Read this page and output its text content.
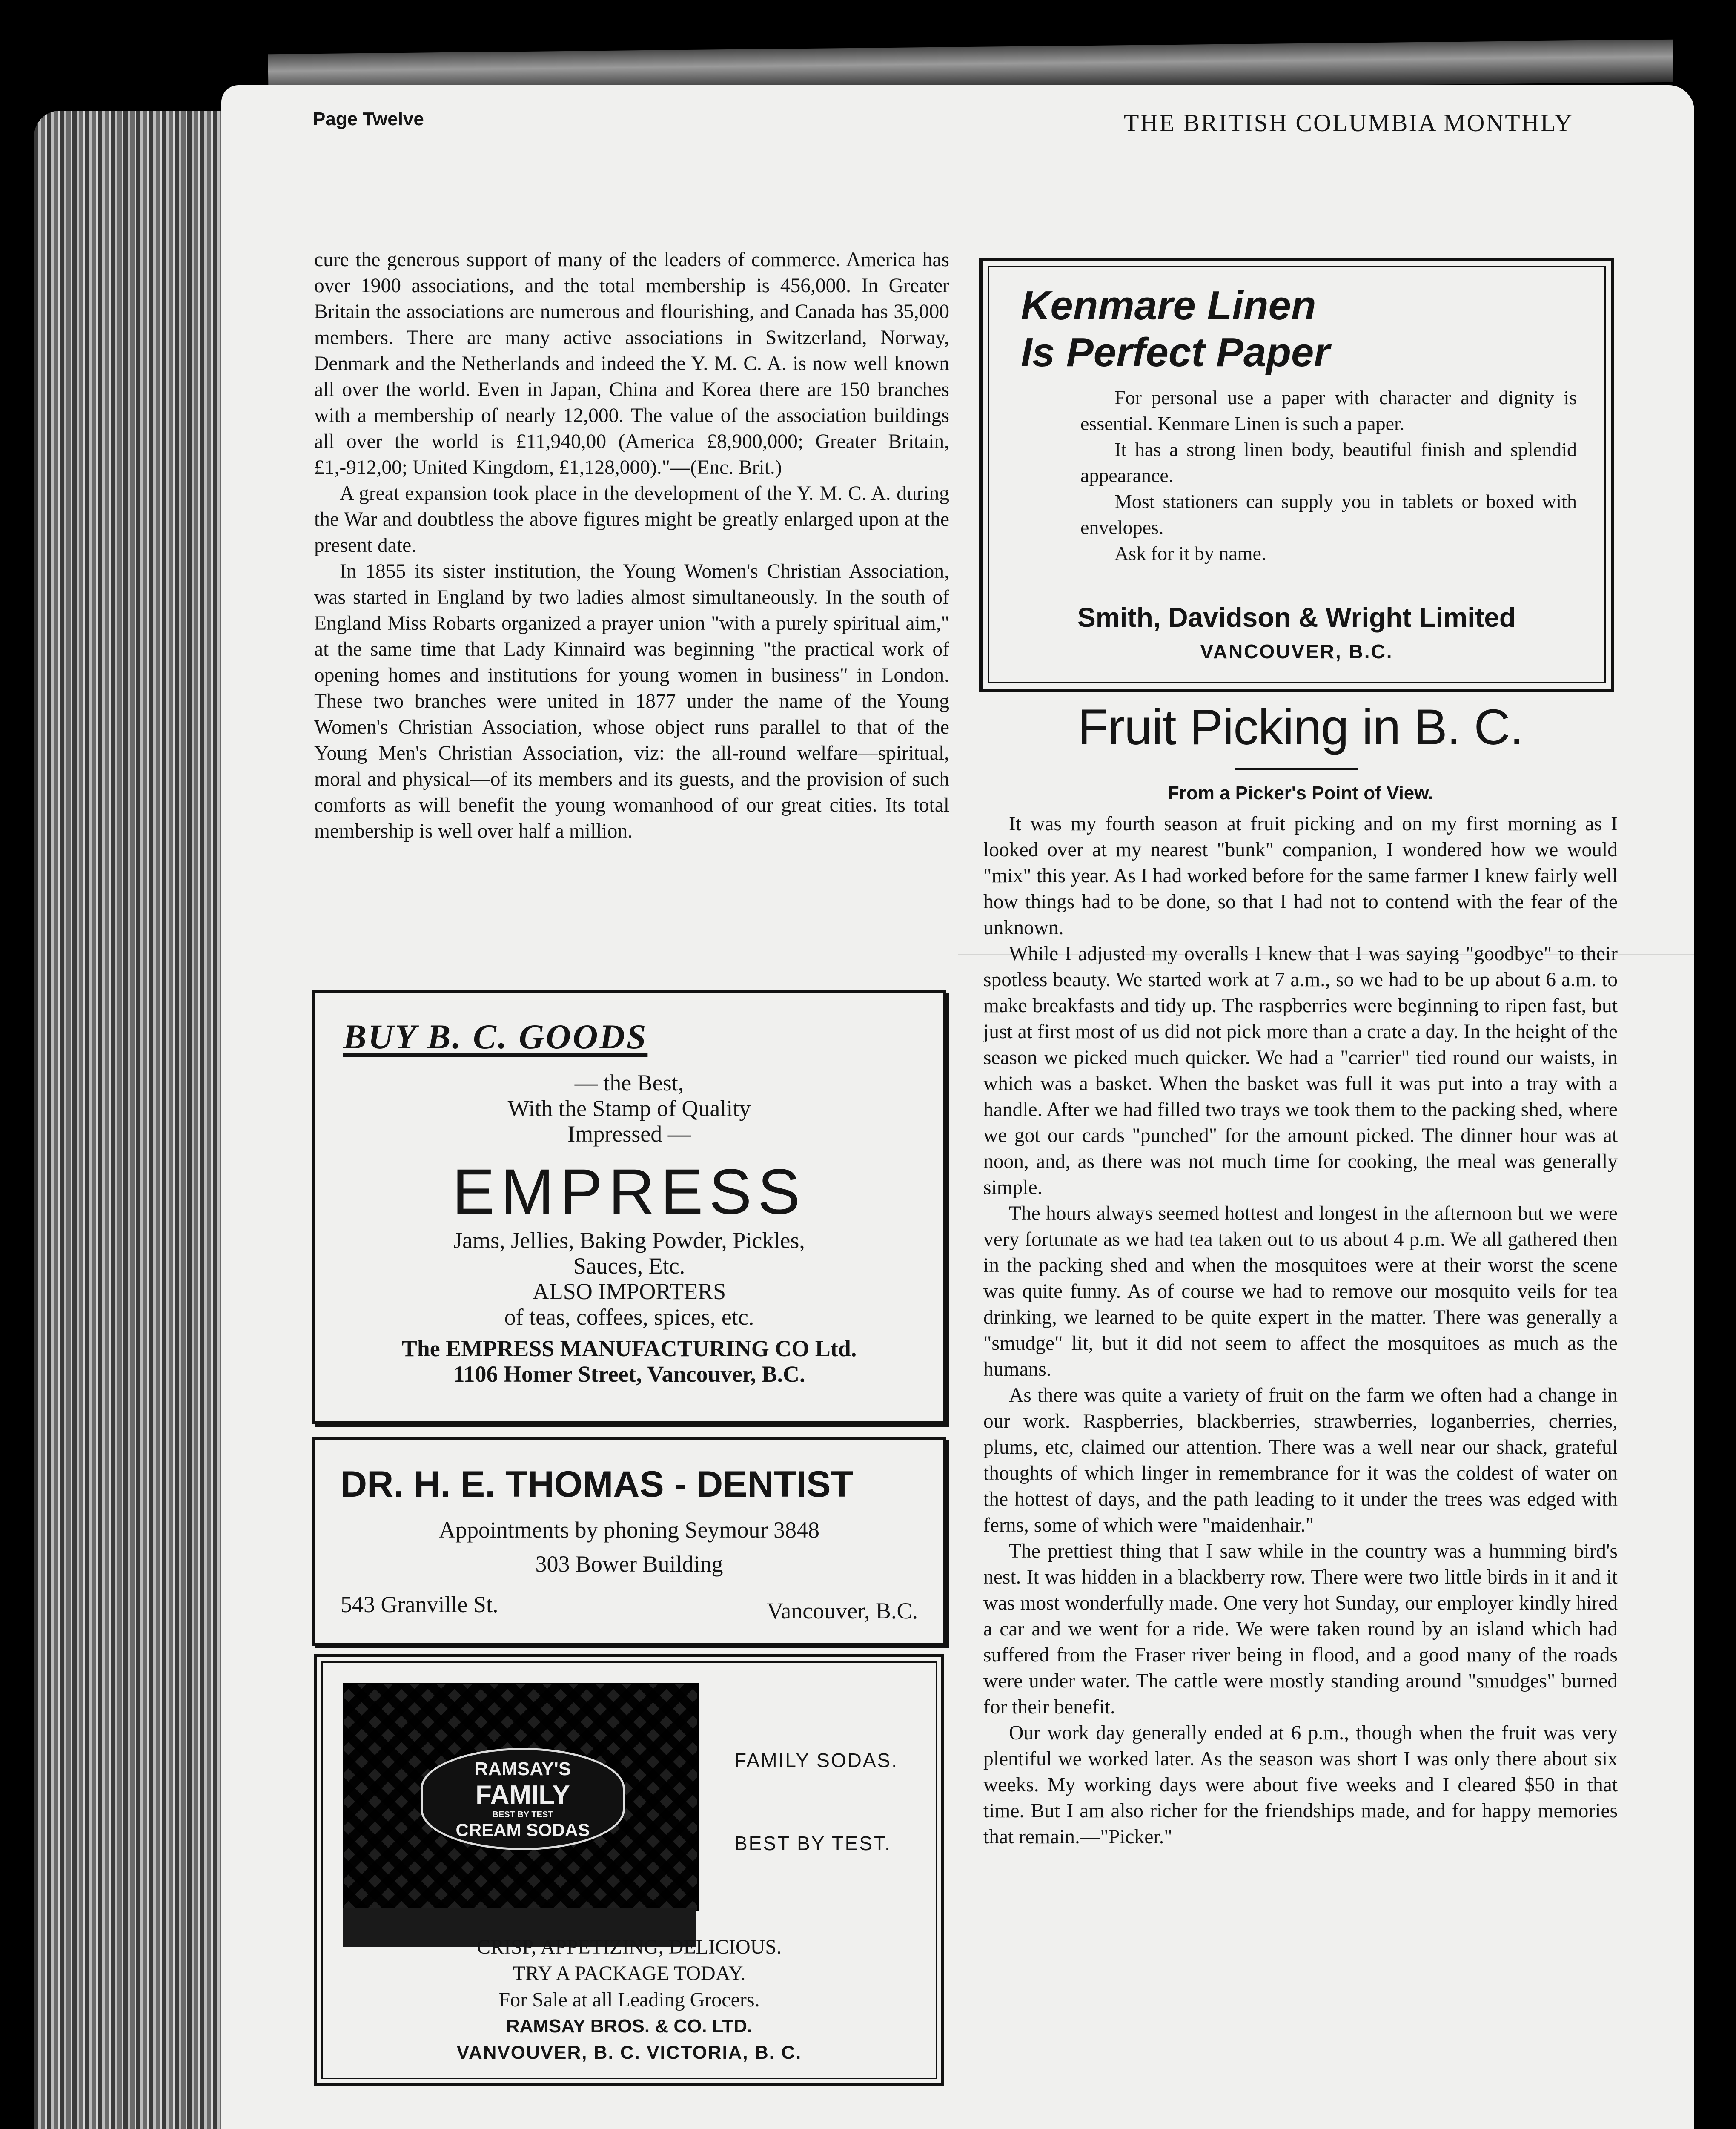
Page Twelve	THE BRITISH COLUMBIA MONTHLY

cure the generous support of many of the leaders of commerce. America has over 1900 associations, and the total membership is 456,000. In Greater Britain the associations are numerous and flourishing, and Canada has 35,000 members. There are many active associations in Switzerland, Norway, Denmark and the Netherlands and indeed the Y. M. C. A. is now well known all over the world. Even in Japan, China and Korea there are 150 branches with a membership of nearly 12,000. The value of the association buildings all over the world is £11,940,00 (America £8,900,000; Greater Britain, £1,-912,00; United Kingdom, £1,128,000)."—(Enc. Brit.)

A great expansion took place in the development of the Y. M. C. A. during the War and doubtless the above figures might be greatly enlarged upon at the present date.

In 1855 its sister institution, the Young Women's Christian Association, was started in England by two ladies almost simultaneously. In the south of England Miss Robarts organized a prayer union "with a purely spiritual aim," at the same time that Lady Kinnaird was beginning "the practical work of opening homes and institutions for young women in business" in London. These two branches were united in 1877 under the name of the Young Women's Christian Association, whose object runs parallel to that of the Young Men's Christian Association, viz: the all-round welfare—spiritual, moral and physical—of its members and its guests, and the provision of such comforts as will benefit the young womanhood of our great cities. Its total membership is well over half a million.

BUY B. C. GOODS
— the Best,
With the Stamp of Quality
Impressed —
EMPRESS
Jams, Jellies, Baking Powder, Pickles,
Sauces, Etc.
ALSO IMPORTERS
of teas, coffees, spices, etc.
The EMPRESS MANUFACTURING CO Ltd.
1106 Homer Street, Vancouver, B.C.
DR. H. E. THOMAS - DENTIST
Appointments by phoning Seymour 3848
303 Bower Building
543 Granville St.	Vancouver, B.C.
RAMSAY'S
FAMILY
BEST BY TEST
CREAM SODAS
FAMILY SODAS.
BEST BY TEST.
CRISP, APPETIZING, DELICIOUS.
TRY A PACKAGE TODAY.
For Sale at all Leading Grocers.
RAMSAY BROS. & CO. LTD.
VANVOUVER, B. C. VICTORIA, B. C.
Kenmare Linen
Is Perfect Paper

For personal use a paper with character and dignity is essential. Kenmare Linen is such a paper.

It has a strong linen body, beautiful finish and splendid appearance.

Most stationers can supply you in tablets or boxed with envelopes.

Ask for it by name.

Smith, Davidson & Wright Limited
VANCOUVER, B.C.
Fruit Picking in B. C.
From a Picker's Point of View.

It was my fourth season at fruit picking and on my first morning as I looked over at my nearest "bunk" companion, I wondered how we would "mix" this year. As I had worked before for the same farmer I knew fairly well how things had to be done, so that I had not to contend with the fear of the unknown.

While I adjusted my overalls I knew that I was saying "goodbye" to their spotless beauty. We started work at 7 a.m., so we had to be up about 6 a.m. to make breakfasts and tidy up. The raspberries were beginning to ripen fast, but just at first most of us did not pick more than a crate a day. In the height of the season we picked much quicker. We had a "carrier" tied round our waists, in which was a basket. When the basket was full it was put into a tray with a handle. After we had filled two trays we took them to the packing shed, where we got our cards "punched" for the amount picked. The dinner hour was at noon, and, as there was not much time for cooking, the meal was generally simple.

The hours always seemed hottest and longest in the afternoon but we were very fortunate as we had tea taken out to us about 4 p.m. We all gathered then in the packing shed and when the mosquitoes were at their worst the scene was quite funny. As of course we had to remove our mosquito veils for tea drinking, we learned to be quite expert in the matter. There was generally a "smudge" lit, but it did not seem to affect the mosquitoes as much as the humans.

As there was quite a variety of fruit on the farm we often had a change in our work. Raspberries, blackberries, strawberries, loganberries, cherries, plums, etc, claimed our attention. There was a well near our shack, grateful thoughts of which linger in remembrance for it was the coldest of water on the hottest of days, and the path leading to it under the trees was edged with ferns, some of which were "maidenhair."

The prettiest thing that I saw while in the country was a humming bird's nest. It was hidden in a blackberry row. There were two little birds in it and it was most wonderfully made. One very hot Sunday, our employer kindly hired a car and we went for a ride. We were taken round by an island which had suffered from the Fraser river being in flood, and a good many of the roads were under water. The cattle were mostly standing around "smudges" burned for their benefit.

Our work day generally ended at 6 p.m., though when the fruit was very plentiful we worked later. As the season was short I was only there about six weeks. My working days were about five weeks and I cleared $50 in that time. But I am also richer for the friendships made, and for happy memories that remain.—"Picker."
